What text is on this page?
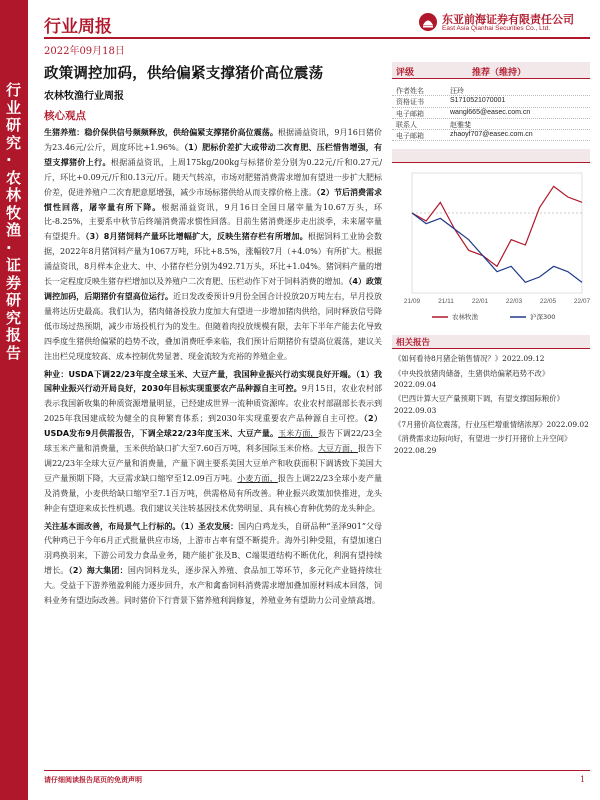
行业研究·农林牧渔·证券研究报告
行业周报	东亚前海证券有限责任公司
East Asia Qianhai Securities Co., Ltd.
2022年09月18日
政策调控加码，供给偏紧支撑猪价高位震荡
农林牧渔行业周报
核心观点
生猪养殖：稳价保供信号频频释放，供给偏紧支撑猪价高位震荡。根据涌益资讯，9月16日猪价为23.46元/公斤，周度环比+1.96%。（1）肥标价差扩大或带动二次育肥、压栏惜售增强，有望支撑猪价上行。根据涌益资讯，上周175kg/200kg与标猪价差分别为0.22元/斤和0.27元/斤，环比+0.09元/斤和0.13元/斤。随天气转凉，市场对肥猪消费需求增加有望进一步扩大肥标价差，促进养殖户二次育肥意愿增强，减少市场标猪供给从而支撑价格上涨。（2）节后消费需求惯性回落，屠宰量有所下降。根据涌益资讯，9月16日全国日屠宰量为10.67万头，环比-8.25%，主要系中秋节后终端消费需求惯性回落。目前生猪消费逐步走出淡季，未来屠宰量有望提升。（3）8月猪饲料产量环比增幅扩大，反映生猪存栏有所增加。根据饲料工业协会数据，2022年8月猪饲料产量为1067万吨，环比+8.5%，涨幅较7月（+4.0%）有所扩大。根据涌益资讯，8月样本企业大、中、小猪存栏分别为492.71万头，环比+1.04%。猪饲料产量的增长一定程度反映生猪存栏增加以及养殖户二次育肥、压栏动作下对于饲料消费的增加。（4）政策调控加码，后期猪价有望高位运行。近日发改委预计9月份全国合计投放20万吨左右，早月投放量将达历史最高。我们认为，猪肉储备投放力度加大有望进一步增加猪肉供给，同时释放信号降低市场过热预期，减少市场投机行为的发生。但随着肉投放规模有限，去年下半年产能去化导致四季度生猪供给偏紧的趋势不改，叠加消费旺季来临，我们预计后期猪价有望高位震荡，建议关注出栏兑现度较高、成本控制优势显著、现金流较为充裕的养殖企业。
种业：USDA下调22/23年度全球玉米、大豆产量，我国种业振兴行动实现良好开端。（1）我国种业振兴行动开局良好，2030年目标实现重要农产品种源自主可控。9月15日，农业农村部表示我国新收集的种质资源增量明显，已经建成世界一流种质资源库。农业农村部副部长表示到2025年我国建成较为健全的良种繁育体系；到2030年实现重要农产品种源自主可控。（2）USDA发布9月供需报告，下调全球22/23年度玉米、大豆产量。玉米方面，报告下调22/23全球玉米产量和消费量，玉米供给缺口扩大至7.60百万吨，利多国际玉米价格。大豆方面，报告下调22/23年全球大豆产量和消费量，产量下调主要系美国大豆单产和收获面积下调诱致下美国大豆产量预期下降，大豆需求缺口缩窄至12.09百万吨。小麦方面，报告上调22/23全球小麦产量及消费量，小麦供给缺口缩窄至7.1百万吨，供需格局有所改善。种业振兴政策加快推进，龙头种企有望迎来成长性机遇。我们建议关注转基因技术优势明显、具有核心育种优势的龙头种企。
关注基本面改善，布局景气上行标的。（1）圣农发展：国内白鸡龙头，自研品种“圣泽901”父母代种鸡已于今年6月正式批量供应市场，上游市占率有望不断提升。海外引种受阻，有望加速白羽鸡换羽来，下游公司发力食品业务，随产能扩张及B、C端渠道结构不断优化，利润有望持续增长。（2）海大集团：国内饲料龙头，逐步深入养殖、食品加工等环节，多元化产业链持续壮大。受益于下游养殖盈利能力逐步回升，水产和禽畜饲料消费需求增加叠加原材料成本回落，饲料业务有望边际改善。同时猪价下行背景下猪养殖利润修复，养殖业务有望助力公司业绩高增。
评级	推荐（维持）
作者姓名	汪玲
资格证书	S1710521070001
电子邮箱	wangl665@easec.com.cn
联系人	赵雅斐
电子邮箱	zhaoyf707@easec.com.cn
21/09	21/11	22/01	22/03	22/05	22/07
农林牧渔	沪深300
相关报告
《如何看待8月猪企销售情况？》2022.09.12
《中央投放猪肉储备，生猪供给偏紧趋势不改》2022.09.04
《巴西计算大豆产量预期下调，有望支撑国际粮价》2022.09.03
《7月猪价高位震荡，行业压栏增重情绪浓厚》2022.09.02
《消费需求边际向好，有望进一步打开猪价上升空间》2022.08.29
请仔细阅读报告尾页的免责声明	1
